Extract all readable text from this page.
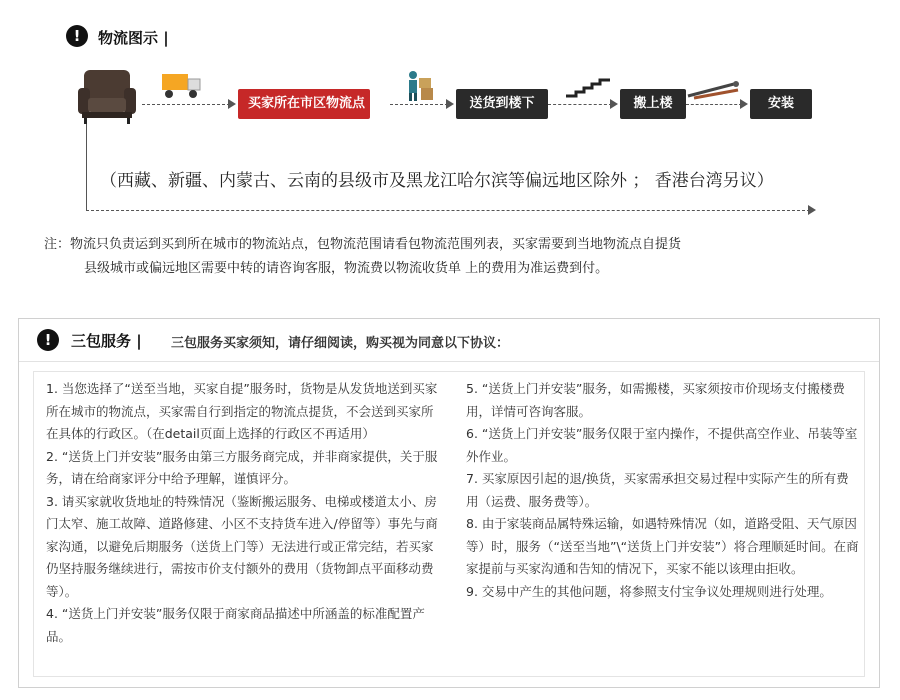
!	物流图示 |
买家所在市区物流点	送货到楼下	搬上楼	安装
（西藏、新疆、内蒙古、云南的县级市及黑龙江哈尔滨等偏远地区除外 ； 香港台湾另议）
注：物流只负责运到买到所在城市的物流站点，包物流范围请看包物流范围列表，买家需要到当地物流点自提货
县级城市或偏远地区需要中转的请咨询客服，物流费以物流收货单 上的费用为准运费到付。
!	三包服务 | 三包服务买家须知，请仔细阅读，购买视为同意以下协议：

1. 当您选择了“送至当地，买家自提”服务时，货物是从发货地送到买家所在城市的物流点，买家需自行到指定的物流点提货，不会送到买家所在具体的行政区。（在detail页面上选择的行政区不再适用）

2. “送货上门并安装”服务由第三方服务商完成，并非商家提供，关于服务，请在给商家评分中给予理解，谨慎评分。

3. 请买家就收货地址的特殊情况（鉴断搬运服务、电梯或楼道太小、房门太窄、施工故障、道路修建、小区不支持货车进入/停留等）事先与商家沟通，以避免后期服务（送货上门等）无法进行或正常完结，若买家仍坚持服务继续进行，需按市价支付额外的费用（货物卸点平面移动费等）。

4. “送货上门并安装”服务仅限于商家商品描述中所涵盖的标准配置产品。

5. “送货上门并安装”服务，如需搬楼，买家须按市价现场支付搬楼费用，详情可咨询客服。

6. “送货上门并安装”服务仅限于室内操作，不提供高空作业、吊装等室外作业。

7. 买家原因引起的退/换货，买家需承担交易过程中实际产生的所有费用（运费、服务费等）。

8. 由于家装商品属特殊运输，如遇特殊情况（如，道路受阻、天气原因等）时，服务（“送至当地”\“送货上门并安装”）将合理顺延时间。在商家提前与买家沟通和告知的情况下，买家不能以该理由拒收。

9. 交易中产生的其他问题，将参照支付宝争议处理规则进行处理。
